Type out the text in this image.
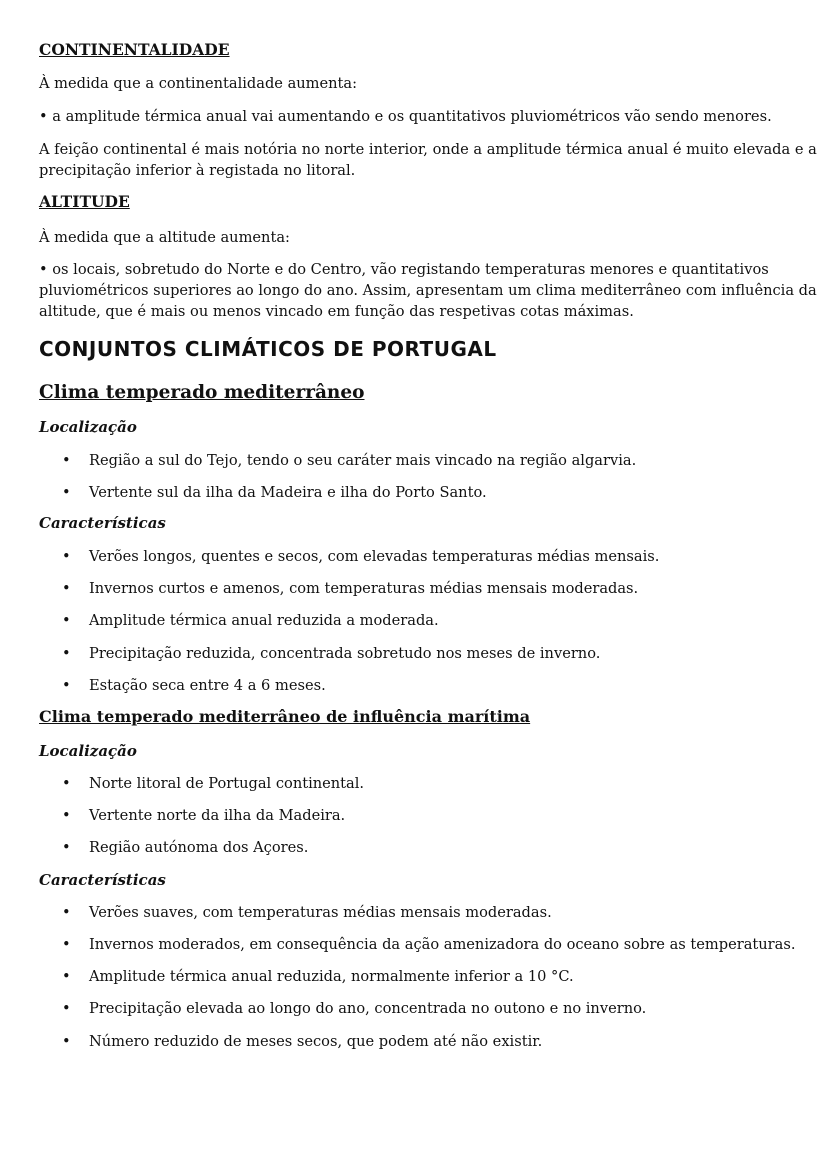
CONTINENTALIDADE
À medida que a continentalidade aumenta:
• a amplitude térmica anual vai aumentando e os quantitativos pluviométricos vão sendo menores.
A feição continental é mais notória no norte interior, onde a amplitude térmica anual é muito elevada e a
precipitação inferior à registada no litoral.
ALTITUDE
À medida que a altitude aumenta:
• os locais, sobretudo do Norte e do Centro, vão registando temperaturas menores e quantitativos
pluviométricos superiores ao longo do ano. Assim, apresentam um clima mediterrâneo com influência da
altitude, que é mais ou menos vincado em função das respetivas cotas máximas.
CONJUNTOS CLIMÁTICOS DE PORTUGAL
Clima temperado mediterrâneo
Localização
• Região a sul do Tejo, tendo o seu caráter mais vincado na região algarvia.
• Vertente sul da ilha da Madeira e ilha do Porto Santo.
Características
• Verões longos, quentes e secos, com elevadas temperaturas médias mensais.
• Invernos curtos e amenos, com temperaturas médias mensais moderadas.
• Amplitude térmica anual reduzida a moderada.
• Precipitação reduzida, concentrada sobretudo nos meses de inverno.
• Estação seca entre 4 a 6 meses.
Clima temperado mediterrâneo de influência marítima
Localização
• Norte litoral de Portugal continental.
• Vertente norte da ilha da Madeira.
• Região autónoma dos Açores.
Características
• Verões suaves, com temperaturas médias mensais moderadas.
• Invernos moderados, em consequência da ação amenizadora do oceano sobre as temperaturas.
• Amplitude térmica anual reduzida, normalmente inferior a 10 °C.
• Precipitação elevada ao longo do ano, concentrada no outono e no inverno.
• Número reduzido de meses secos, que podem até não existir.
